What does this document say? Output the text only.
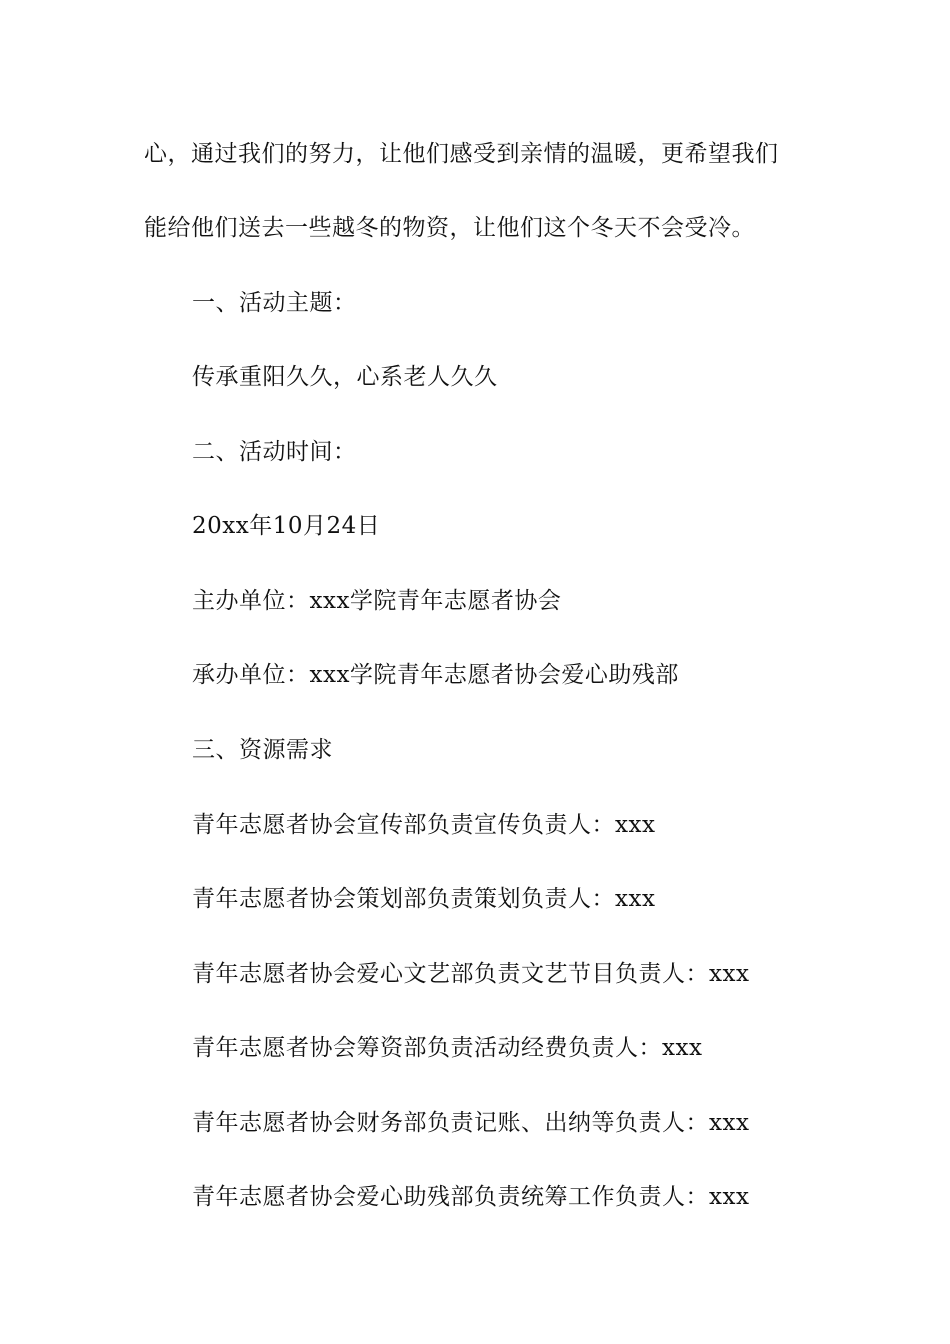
心，通过我们的努力，让他们感受到亲情的温暖，更希望我们
能给他们送去一些越冬的物资，让他们这个冬天不会受冷。
一、活动主题：
传承重阳久久，心系老人久久
二、活动时间：
20xx年10月24日
主办单位：xxx学院青年志愿者协会
承办单位：xxx学院青年志愿者协会爱心助残部
三、资源需求
青年志愿者协会宣传部负责宣传负责人：xxx
青年志愿者协会策划部负责策划负责人：xxx
青年志愿者协会爱心文艺部负责文艺节目负责人：xxx
青年志愿者协会筹资部负责活动经费负责人：xxx
青年志愿者协会财务部负责记账、出纳等负责人：xxx
青年志愿者协会爱心助残部负责统筹工作负责人：xxx
